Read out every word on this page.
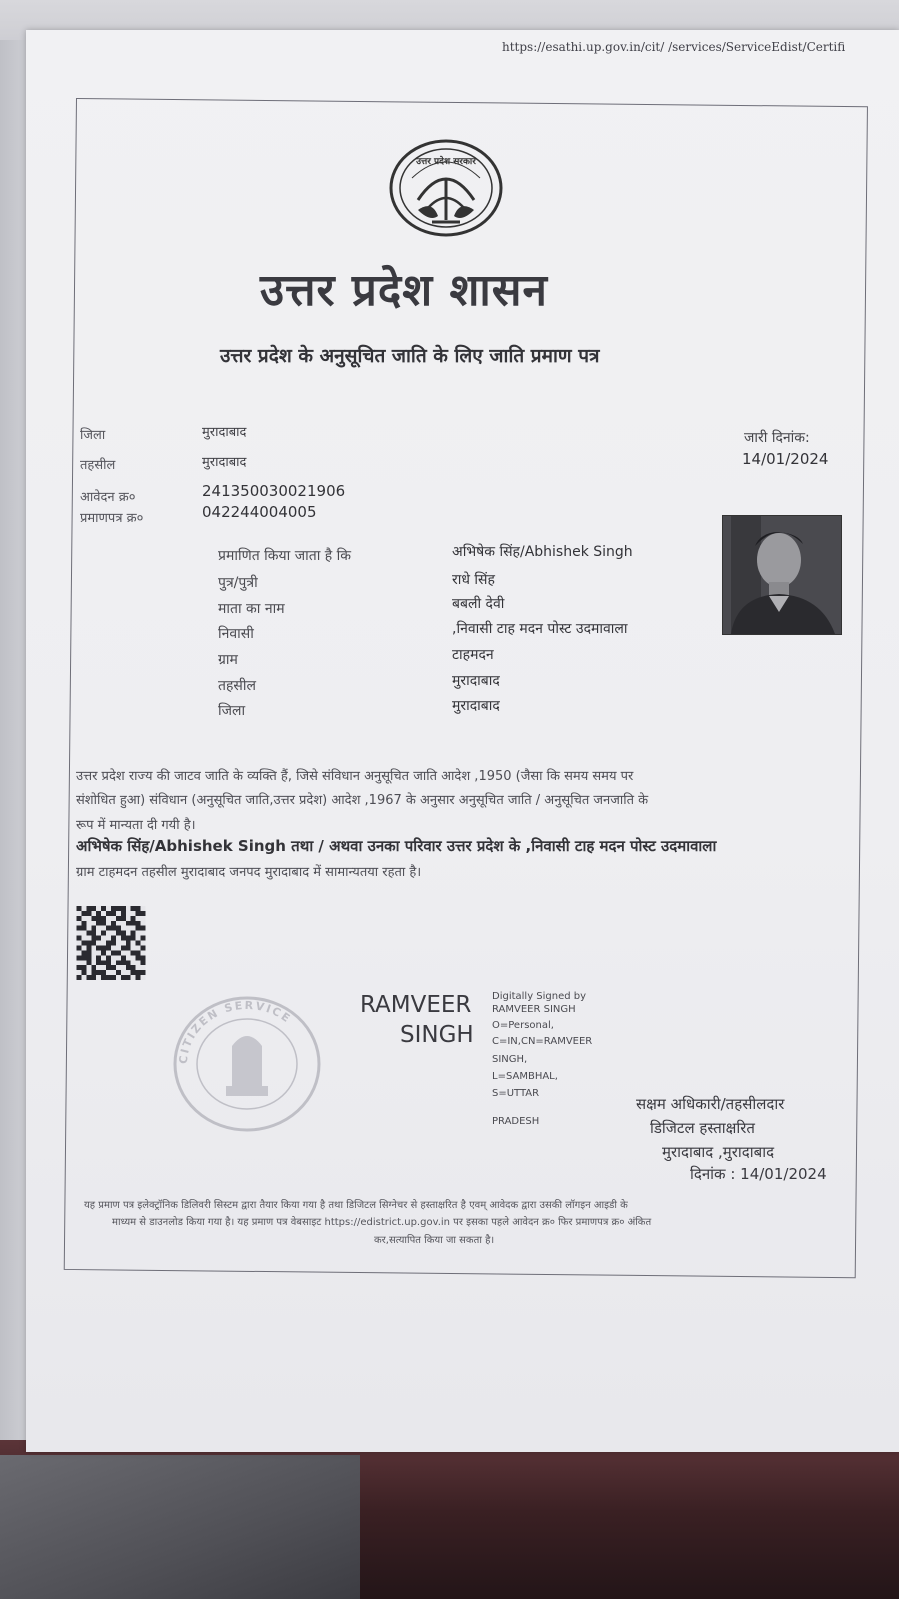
https://esathi.up.gov.in/cit/ /services/ServiceEdist/Certifi
उत्तर प्रदेश सरकार
उत्तर प्रदेश शासन
उत्तर प्रदेश के अनुसूचित जाति के लिए जाति प्रमाण पत्र
जिला	मुरादाबाद
तहसील	मुरादाबाद
आवेदन क्र०	241350030021906
प्रमाणपत्र क्र०	042244004005
जारी दिनांक:
14/01/2024
प्रमाणित किया जाता है कि	अभिषेक सिंह/Abhishek Singh
पुत्र/पुत्री	राधे सिंह
माता का नाम	बबली देवी
निवासी	,निवासी टाह मदन पोस्ट उदमावाला
ग्राम	टाहमदन
तहसील	मुरादाबाद
जिला	मुरादाबाद
उत्तर प्रदेश राज्य की जाटव जाति के व्यक्ति हैं, जिसे संविधान अनुसूचित जाति आदेश ,1950 (जैसा कि समय समय पर
संशोधित हुआ) संविधान (अनुसूचित जाति,उत्तर प्रदेश) आदेश ,1967 के अनुसार अनुसूचित जाति / अनुसूचित जनजाति के
रूप में मान्यता दी गयी है।
अभिषेक सिंह/Abhishek Singh तथा / अथवा उनका परिवार उत्तर प्रदेश के ,निवासी टाह मदन पोस्ट उदमावाला
ग्राम टाहमदन तहसील मुरादाबाद जनपद मुरादाबाद में सामान्यतया रहता है।
CITIZEN SERVICE	RAMVEER
SINGH
Digitally Signed by
RAMVEER SINGH
O=Personal,
C=IN,CN=RAMVEER
SINGH,
L=SAMBHAL,
S=UTTAR
PRADESH
सक्षम अधिकारी/तहसीलदार
डिजिटल हस्ताक्षरित
मुरादाबाद ,मुरादाबाद
दिनांक : 14/01/2024
यह प्रमाण पत्र इलेक्ट्रॉनिक डिलिवरी सिस्टम द्वारा तैयार किया गया है तथा डिजिटल सिग्नेचर से हस्ताक्षरित है एवम् आवेदक द्वारा उसकी लॉगइन आइडी के
माध्यम से डाउनलोड किया गया है। यह प्रमाण पत्र वेबसाइट https://edistrict.up.gov.in पर इसका पहले आवेदन क्र० फिर प्रमाणपत्र क्र० अंकित
कर,सत्यापित किया जा सकता है।
